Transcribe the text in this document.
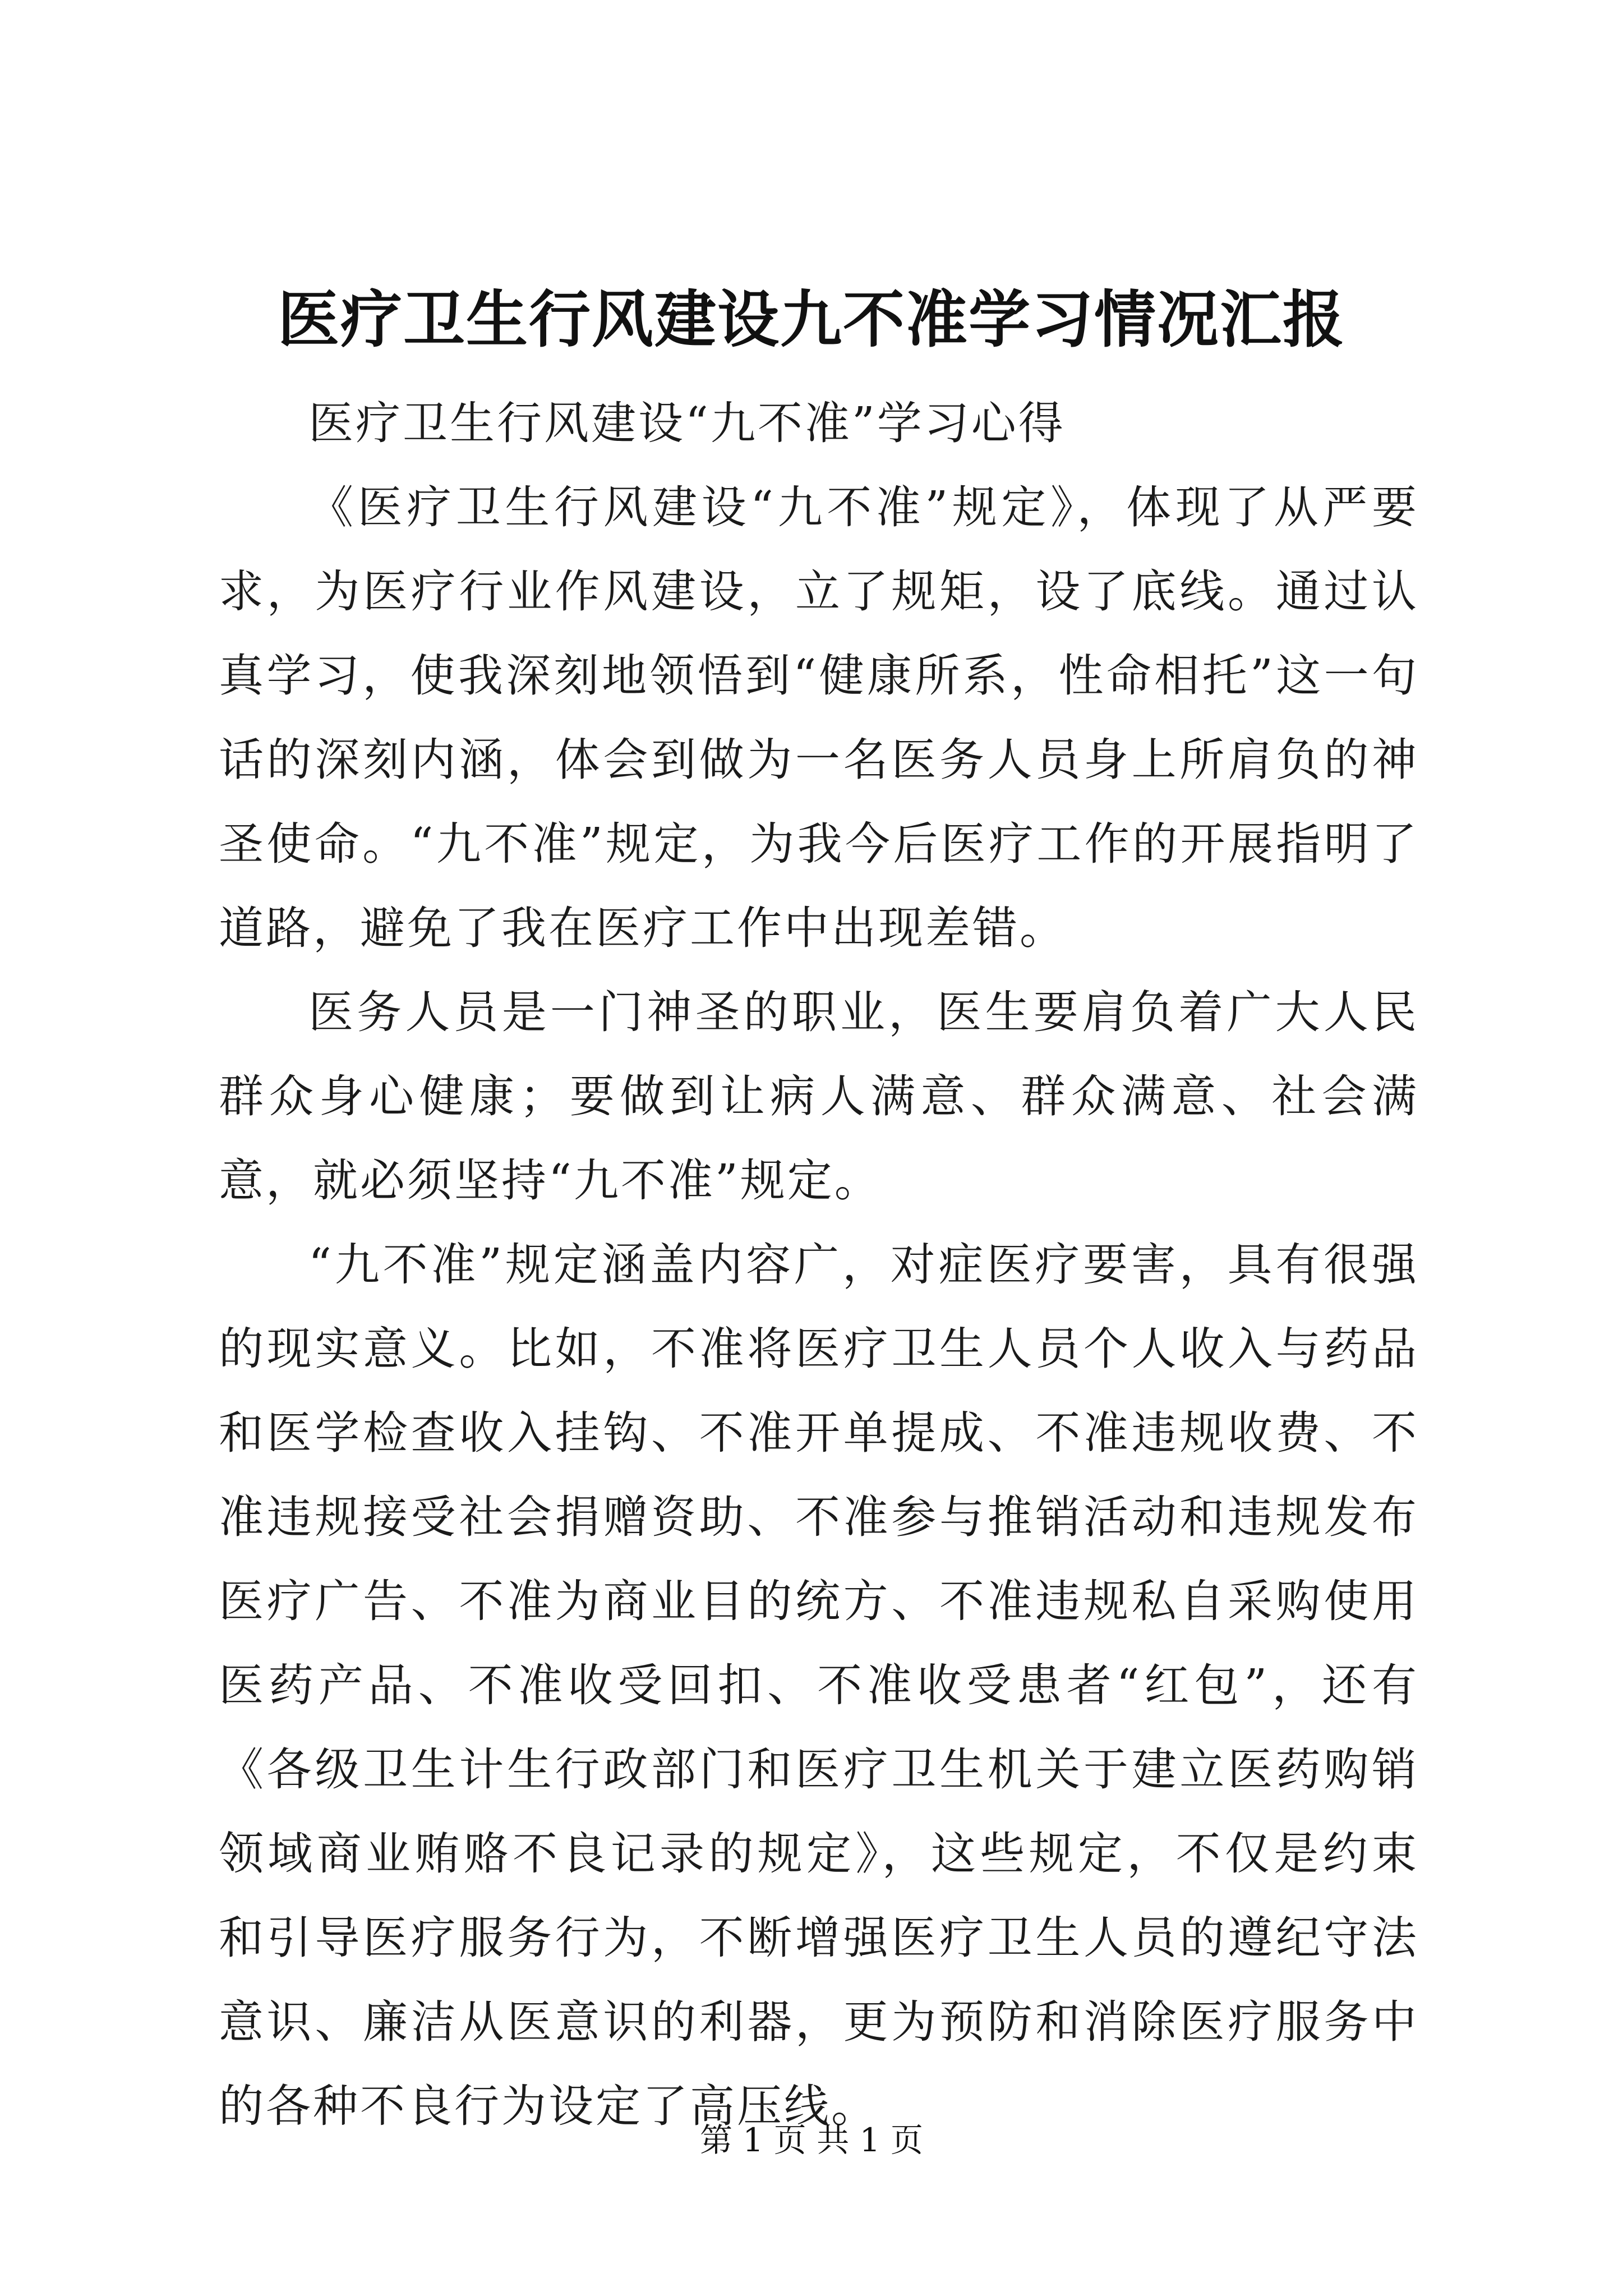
医疗卫生行风建设九不准学习情况汇报

医疗卫生行风建设“九不准”学习心得

《医疗卫生行风建设“九不准”规定》，体现了从严要求，为医疗行业作风建设，立了规矩，设了底线。通过认真学习，使我深刻地领悟到“健康所系，性命相托”这一句话的深刻内涵，体会到做为一名医务人员身上所肩负的神圣使命。“九不准”规定，为我今后医疗工作的开展指明了道路，避免了我在医疗工作中出现差错。

医务人员是一门神圣的职业，医生要肩负着广大人民群众身心健康；要做到让病人满意、群众满意、社会满意，就必须坚持“九不准”规定。

“九不准”规定涵盖内容广，对症医疗要害，具有很强的现实意义。比如，不准将医疗卫生人员个人收入与药品和医学检查收入挂钩、不准开单提成、不准违规收费、不准违规接受社会捐赠资助、不准参与推销活动和违规发布医疗广告、不准为商业目的统方、不准违规私自采购使用医药产品、不准收受回扣、不准收受患者“红包”，还有《各级卫生计生行政部门和医疗卫生机关于建立医药购销领域商业贿赂不良记录的规定》，这些规定，不仅是约束和引导医疗服务行为，不断增强医疗卫生人员的遵纪守法意识、廉洁从医意识的利器，更为预防和消除医疗服务中的各种不良行为设定了高压线。

第 1 页 共 1 页
